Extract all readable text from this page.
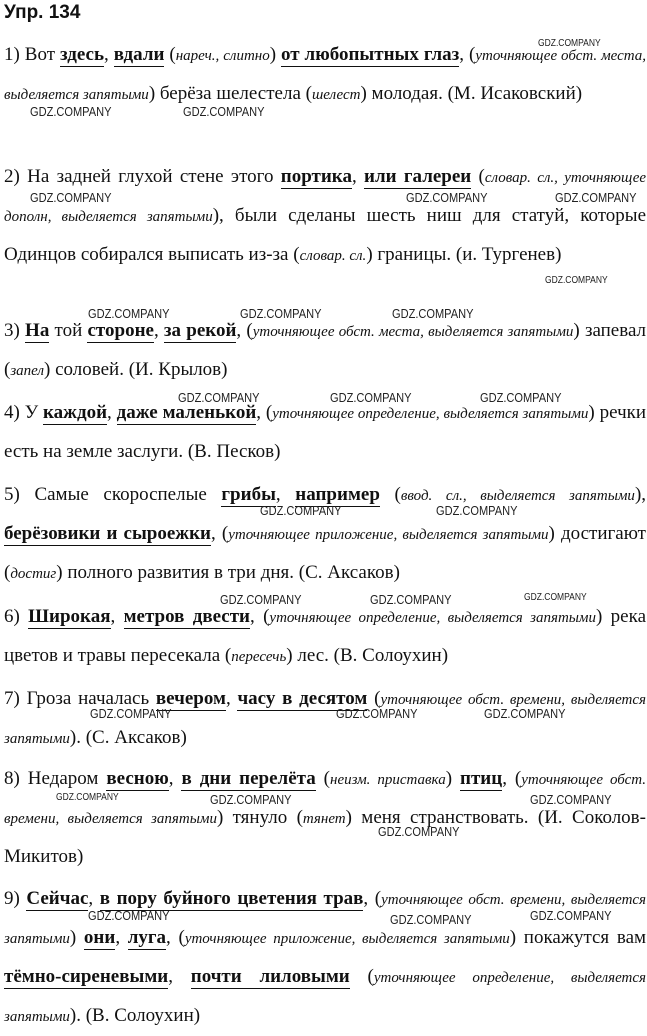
Упр. 134
1) Вот здесь, вдали (нареч., слитно) от любопытных глаз, (уточняющее обст. места, выделяется запятыми) берёза шелестела (шелест) молодая. (М. Исаковский)
2) На задней глухой стене этого портика, или галереи (словар. сл., уточняющее дополн, выделяется запятыми), были сделаны шесть ниш для статуй, которые Одинцов собирался выписать из-за (словар. сл.) границы. (и. Тургенев)
3) На той стороне, за рекой, (уточняющее обст. места, выделяется запятыми) запевал (запел) соловей. (И. Крылов)
4) У каждой, даже маленькой, (уточняющее определение, выделяется запятыми) речки есть на земле заслуги. (В. Песков)
5) Самые скороспелые грибы, например (ввод. сл., выделяется запятыми), берёзовики и сыроежки, (уточняющее приложение, выделяется запятыми) достигают (достиг) полного развития в три дня. (С. Аксаков)
6) Широкая, метров двести, (уточняющее определение, выделяется запятыми) река цветов и травы пересекала (пересечь) лес. (В. Солоухин)
7) Гроза началась вечером, часу в десятом (уточняющее обст. времени, выделяется запятыми). (С. Аксаков)
8) Недаром весною, в дни перелёта (неизм. приставка) птиц, (уточняющее обст. времени, выделяется запятыми) тянуло (тянет) меня странствовать. (И. Соколов-Микитов)
9) Сейчас, в пору буйного цветения трав, (уточняющее обст. времени, выделяется запятыми) они, луга, (уточняющее приложение, выделяется запятыми) покажутся вам тёмно-сиреневыми, почти лиловыми (уточняющее определение, выделяется запятыми). (В. Солоухин)
GDZ.COMPANY
GDZ.COMPANY	GDZ.COMPANY
GDZ.COMPANY	GDZ.COMPANY	GDZ.COMPANY
GDZ.COMPANY
GDZ.COMPANY	GDZ.COMPANY	GDZ.COMPANY
GDZ.COMPANY	GDZ.COMPANY	GDZ.COMPANY
GDZ.COMPANY	GDZ.COMPANY
GDZ.COMPANY	GDZ.COMPANY	GDZ.COMPANY
GDZ.COMPANY	GDZ.COMPANY	GDZ.COMPANY
GDZ.COMPANY	GDZ.COMPANY
GDZ.COMPANY
GDZ.COMPANY
GDZ.COMPANY	GDZ.COMPANY	GDZ.COMPANY
